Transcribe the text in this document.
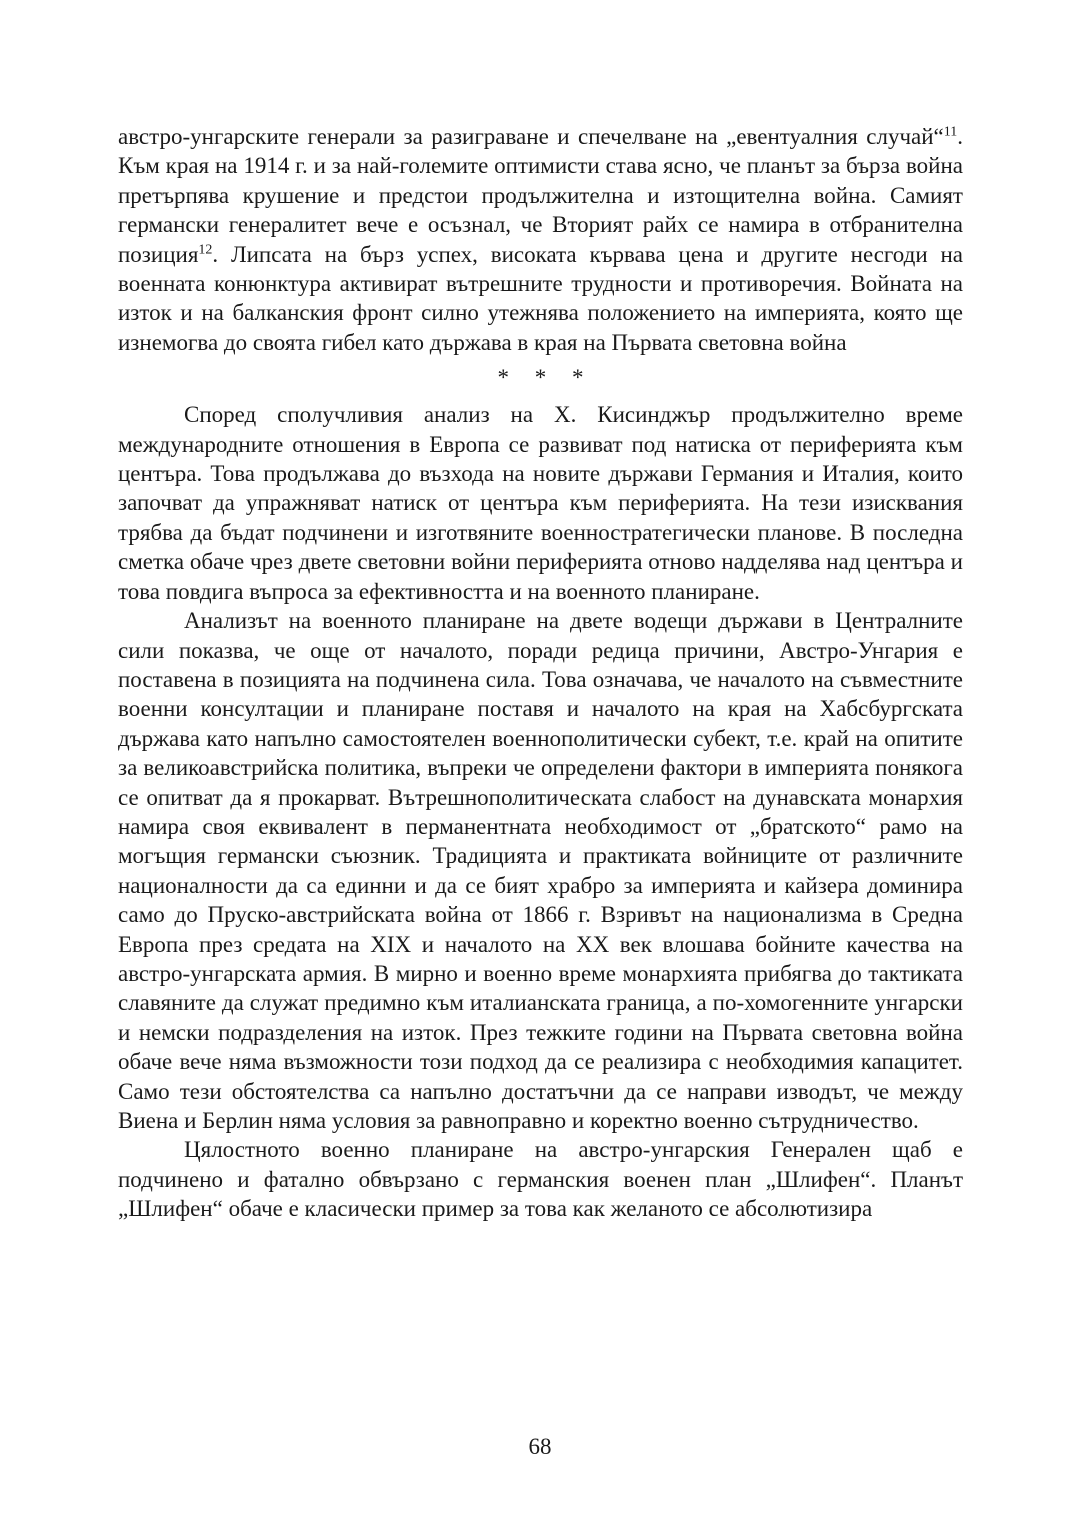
австро-унгарските генерали за разиграване и спечелване на „евентуалния случай“$^{11}$. Към края на 1914 г. и за най-големите оптимисти става ясно, че планът за бърза война претърпява крушение и предстои продължителна и изтощителна война. Самият германски генералитет вече е осъзнал, че Вторият райх се намира в отбранителна позиция$^{12}$. Липсата на бърз успех, високата кървава цена и другите несгоди на военната конюнктура активират вътрешните трудности и противоречия. Войната на изток и на балканския фронт силно утежнява положението на империята, която ще изнемогва до своята гибел като държава в края на Първата световна война

* * *

Според сполучливия анализ на Х. Кисинджър продължително време международните отношения в Европа се развиват под натиска от периферията към центъра. Това продължава до възхода на новите държави Германия и Италия, които започват да упражняват натиск от центъра към периферията. На тези изисквания трябва да бъдат подчинени и изготвяните военностратегически планове. В последна сметка обаче чрез двете световни войни периферията отново надделява над центъра и това повдига въпроса за ефективността и на военното планиране.

Анализът на военното планиране на двете водещи държави в Централните сили показва, че още от началото, поради редица причини, Австро-Унгария е поставена в позицията на подчинена сила. Това означава, че началото на съвместните военни консултации и планиране поставя и началото на края на Хабсбургската държава като напълно самостоятелен военнополитически субект, т.е. край на опитите за великоавстрийска политика, въпреки че определени фактори в империята понякога се опитват да я прокарват. Вътрешнополитическата слабост на дунавската монархия намира своя еквивалент в перманентната необходимост от „братското“ рамо на могъщия германски съюзник. Традицията и практиката войниците от различните националности да са единни и да се бият храбро за империята и кайзера доминира само до Пруско-австрийската война от 1866 г. Взривът на национализма в Средна Европа през средата на XIX и началото на XX век влошава бойните качества на австро-унгарската армия. В мирно и военно време монархията прибягва до тактиката славяните да служат предимно към италианската граница, а по-хомогенните унгарски и немски подразделения на изток. През тежките години на Първата световна война обаче вече няма възможности този подход да се реализира с необходимия капацитет. Само тези обстоятелства са напълно достатъчни да се направи изводът, че между Виена и Берлин няма условия за равноправно и коректно военно сътрудничество.

Цялостното военно планиране на австро-унгарския Генерален щаб е подчинено и фатално обвързано с германския военен план „Шлифен“. Планът „Шлифен“ обаче е класически пример за това как желаното се абсолютизира

68
